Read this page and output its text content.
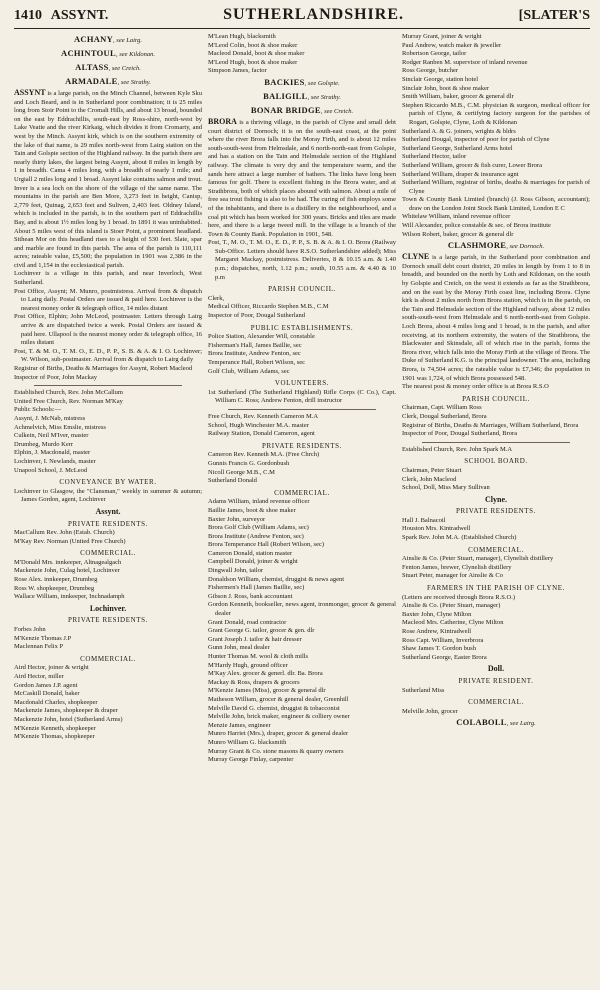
1410 ASSYNT.	SUTHERLANDSHIRE.	[SLATER'S
ACHANY, see Lairg.
ACHINTOUL, see Kildonan.
ALTASS, see Creich.
ARMADALE, see Strathy.

ASSYNT is a large parish, on the Minch Channel, between Kyle Sku and Loch Beard, and is in Sutherland poor combination; it is 25 miles long from Stoir Point to the Cromalt Hills, and about 13 broad, bounded on the east by Eddrachillis, south-east by Ross-shire, north-west by Lake Veatie and the river Kirkaig, which divides it from Cromarty, and west by the Minch. Assynt kirk, which is on the southern extremity of the lake of that name, is 29 miles north-west from Lairg station on the Tain and Golspie section of the Highland railway. In the parish there are nearly thirty lakes, the largest being Assynt, about 8 miles in length by 1 in breadth. Cama 4 miles long, with a breadth of nearly 1 mile; and Urgiall 2 miles long and 1 broad. Assynt lake contains salmon and trout. Inver is a sea loch on the shore of the village of the same name. The mountains in the parish are Ben More, 3,273 feet in height, Canisp, 2,779 feet, Quinag, 2,653 feet and Suliven, 2,403 feet. Oldney Island, which is included in the parish, is in the southern part of Eddrachillis Bay, and is about 1½ miles long by 1 broad. In 1891 it was uninhabited. About 5 miles west of this island is Stoer Point, a prominent headland. Sithean Mor on this headland rises to a height of 530 feet. Slate, spar and marble are found in this parish. The area of the parish is 110,111 acres; rateable value, £5,500; the population in 1901 was 2,386 in the civil and 1,154 in the ecclesiastical parish.

Lochinver is a village in this parish, and near Inverloch, West Sutherland.

Post Office, Assynt; M. Munro, postmistress. Arrival from & dispatch to Lairg daily. Postal Orders are issued & paid here. Lochinver is the nearest money order & telegraph office, 14 miles distant

Post Office, Elphin; John McLeod, postmaster. Letters through Lairg arrive & are dispatched twice a week. Postal Orders are issued & paid here. Ullapool is the nearest money order & telegraph office, 16 miles distant

Post, T. & M. O., T. M. O., E. D., P. P., S. B. & A. & I. O. Lochinver; W. Wilson, sub-postmaster. Arrival from & dispatch to Lairg daily

Registrar of Births, Deaths & Marriages for Assynt, Robert Macleod

Inspector of Poor, John Mackay

Established Church, Rev. John McCallum

United Free Church, Rev. Norman M'Kay

Public Schools:—

Assynt, J. McNab, mistress

Achmelvich, Miss Emslie, mistress

Culkein, Neil M'Iver, master

Drumbeg, Murdo Kerr

Elphin, J. Macdonald, master

Lochinver, I. Newlands, master

Unapool School, J. McLeod

CONVEYANCE BY WATER.

Lochinver to Glasgow, the "Clansman," weekly in summer & autumn; James Gordon, agent, Lochinver

Assynt.
PRIVATE RESIDENTS.

MacCallum Rev. John (Estab. Church)

M'Kay Rev. Norman (United Free Church)

COMMERCIAL.

M'Donald Mrs. innkeeper, Altnagealgach

Mackenzie John, Culag hotel, Lochinver

Rose Alex. innkeeper, Drumbeg

Ross W. shopkeeper, Drumbeg

Wallace William, innkeeper, Inchnadamph

Lochinver.
PRIVATE RESIDENTS.

Forbes John

M'Kenzie Thomas J.P

Maclennan Felix P

COMMERCIAL.

Aird Hector, joiner & wright

Aird Hector, miller

Gordon James J.P. agent

McCaskill Donald, baker

Macdonald Charles, shopkeeper

Mackenzie James, shopkeeper & draper

Mackenzie John, hotel (Sutherland Arms)

M'Kenzie Kenneth, shopkeeper

M'Kenzie Thomas, shopkeeper

M'Lean Hugh, blacksmith

M'Leod Colin, boot & shoe maker

Macleod Donald, boot & shoe maker

M'Leod Hugh, boot & shoe maker

Simpson James, factor

BACKIES, see Golspie.
BALIGILL, see Strathy.
BONAR BRIDGE, see Creich.

BRORA is a thriving village, in the parish of Clyne and small debt court district of Dornoch; it is on the south-east coast, at the point where the river Brora falls into the Moray Firth, and is about 12 miles south-south-west from Helmsdale, and 6 north-north-east from Golspie, and has a station on the Tain and Helmsdale section of the Highland railway. The climate is very dry and the temperature warm, and the sands here attract a large number of bathers. The links have long been famous for golf. There is excellent fishing in the Brora water, and at Strathbrora, both of which places abound with salmon. About a mile of free sea trout fishing is also to be had. The curing of fish employs some of the inhabitants, and there is a distillery in the neighbourhood, and a coal pit which has been worked for 300 years. Bricks and tiles are made here, and there is a large tweed mill. In the village is a branch of the Town & County Bank. Population in 1901, 548.

Post, T., M. O., T. M. O., E. D., P. P., S. B. & A. & I. O. Brora (Railway Sub-Office. Letters should have R.S.O. Sutherlandshire added); Miss Margaret Mackay, postmistress. Deliveries, 8 & 10.15 a.m. & 1.40 p.m.; dispatches, north, 1.12 p.m.; south, 10.55 a.m. & 4.40 & 10 p.m

PARISH COUNCIL.

Clerk,

Medical Officer, Riccardo Stephen M.B., C.M

Inspector of Poor, Dougal Sutherland

PUBLIC ESTABLISHMENTS.

Police Station, Alexander Will, constable

Fisherman's Hall, James Baillie, sec

Brora Institute, Andrew Fenton, sec

Temperance Hall, Robert Wilson, sec

Golf Club, William Adams, sec

VOLUNTEERS.

1st Sutherland (The Sutherland Highland) Rifle Corps (C Co.), Capt. William C. Ross; Andrew Fenton, drill instructor

Free Church, Rev. Kenneth Cameron M.A

School, Hugh Winchester M.A. master

Railway Station, Donald Cameron, agent

PRIVATE RESIDENTS.

Cameron Rev. Kenneth M.A. (Free Chrch)

Gunnis Francis G. Gordonbush

Nicoll George M.B., C.M

Sutherland Donald

COMMERCIAL.

Adams William, inland revenue officer

Baillie James, boot & shoe maker

Baxter John, surveyor

Brora Golf Club (William Adams, sec)

Brora Institute (Andrew Fenton, sec)

Brora Temperance Hall (Robert Wilson, sec)

Cameron Donald, station master

Campbell Donald, joiner & wright

Dingwall John, tailor

Donaldson William, chemist, druggist & news agent

Fishermen's Hall (James Baillie, sec)

Gibson J. Ross, bank accountant

Gordon Kenneth, bookseller, news agent, ironmonger, grocer & general dealer

Grant Donald, road contractor

Grant George G. tailor, grocer & gen. dlr

Grant Joseph J. tailor & hair dresser

Gunn John, meal dealer

Hunter Thomas M. wool & cloth mills

M'Hardy Hugh, ground officer

M'Kay Alex. grocer & generl. dlr. Ba. Brora

Mackay & Ross, drapers & grocers

M'Kenzie James (Miss), grocer & general dlr

Matheson William, grocer & general dealer, Greenhill

Melville David G. chemist, druggist & tobacconist

Melville John, brick maker, engineer & colliery owner

Menzie James, engineer

Munro Harriet (Mrs.), draper, grocer & general dealer

Munro William G. blacksmith

Murray Grant & Co. stone masons & quarry owners

Murray George Finlay, carpenter

Murray Grant, joiner & wright

Paul Andrew, watch maker & jeweller

Robertson George, tailor

Rodger Ranben M. supervisor of inland revenue

Ross George, butcher

Sinclair George, station hotel

Sinclair John, boot & shoe maker

Smith William, baker, grocer & general dlr

Stephen Riccardo M.B., C.M. physician & surgeon, medical officer for parish of Clyne, & certifying factory surgeon for the parishes of Rogart, Golspie, Clyne, Loth & Kildonan

Sutherland A. & G. joiners, wrights & bldrs

Sutherland Dougal, inspector of poor for parish of Clyne

Sutherland George, Sutherland Arms hotel

Sutherland Hector, tailor

Sutherland William, grocer & fish curer, Lower Brora

Sutherland William, draper & insurance agnt

Sutherland William, registrar of births, deaths & marriages for parish of Clyne

Town & County Bank Limited (branch) (J. Ross Gibson, accountant); draw on the London Joint Stock Bank Limited, London E C

Whitelaw William, inland revenue officer

Will Alexander, police constable & sec. of Brora institute

Wilson Robert, baker, grocer & general dlr

CLASHMORE, see Dornoch.

CLYNE is a large parish, in the Sutherland poor combination and Dornoch small debt court district, 20 miles in length by from 1 to 8 in breadth, and bounded on the north by Loth and Kildonan, on the south by Golspie and Creich, on the west it extends as far as the Strathbrora, and on the east by the Moray Firth coast line, including Brora. Clyne kirk is about 2 miles north from Brora station, which is in the parish, on the Tain and Helmsdale section of the Highland railway, about 12 miles south-south-west from Helmsdale and 6 north-north-east from Golspie. Loch Brora, about 4 miles long and 1 broad, is in the parish, and after receiving, at its northern extremity, the waters of the Strathbrora, the Blackwater and Skinsdale, all of which rise in the parish, forms the Brora river, which falls into the Moray Firth at the village of Brora. The Duke of Sutherland K.G. is the principal landowner. The area, including Brora, is 74,504 acres; the rateable value is £7,346; the population in 1901 was 1,724, of which Brora possessed 548.

The nearest post & money order office is at Brora R.S.O

PARISH COUNCIL.

Chairman, Capt. William Ross

Clerk, Dougal Sutherland, Brora

Registrar of Births, Deaths & Marriages, William Sutherland, Brora

Inspector of Poor, Dougal Sutherland, Brora

Established Church, Rev. John Spark M.A

SCHOOL BOARD.

Chairman, Peter Stuart

Clerk, John Macleod

School, Doll, Miss Mary Sullivan

Clyne.
PRIVATE RESIDENTS.

Hall J. Balnacoil

Houston Mrs. Kintradwell

Spark Rev. John M.A. (Established Church)

COMMERCIAL.

Ainslie & Co. (Peter Stuart, manager), Clynelish distillery

Fenton James, brewer, Clynelish distillery

Stuart Peter, manager for Ainslie & Co

FARMERS IN THE PARISH OF CLYNE.

(Letters are received through Brora R.S.O.)

Ainslie & Co. (Peter Stuart, manager)

Baxter John, Clyne Milton

Macleod Mrs. Catherine, Clyne Milton

Rose Andrew, Kintradwell

Ross Capt. William, Inverbrora

Shaw James T. Gordon bush

Sutherland George, Easter Brora

Doll.
PRIVATE RESIDENT.

Sutherland Miss

COMMERCIAL.

Melville John, grocer

COLABOLL, see Lairg.
